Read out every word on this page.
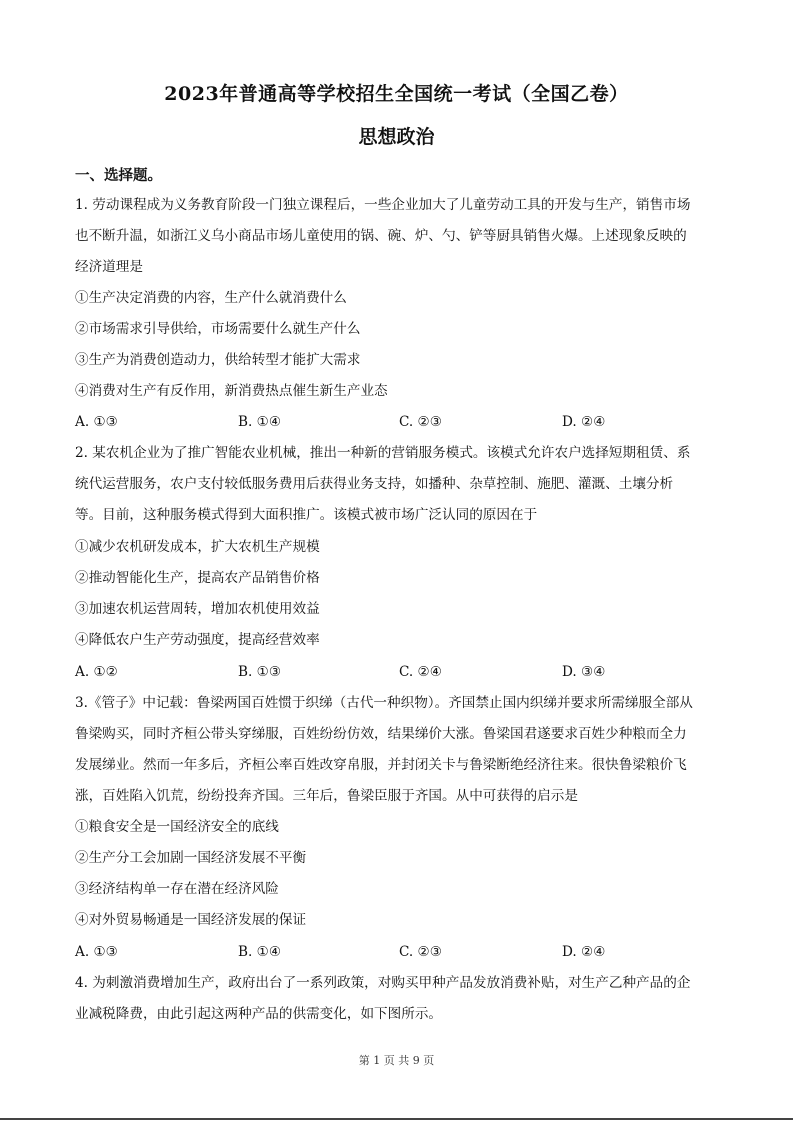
2023年普通高等学校招生全国统一考试（全国乙卷）
思想政治
一、选择题。
1. 劳动课程成为义务教育阶段一门独立课程后，一些企业加大了儿童劳动工具的开发与生产，销售市场
也不断升温，如浙江义乌小商品市场儿童使用的锅、碗、炉、勺、铲等厨具销售火爆。上述现象反映的
经济道理是
①生产决定消费的内容，生产什么就消费什么
②市场需求引导供给，市场需要什么就生产什么
③生产为消费创造动力，供给转型才能扩大需求
④消费对生产有反作用，新消费热点催生新生产业态
A. ①③	B. ①④	C. ②③	D. ②④
2. 某农机企业为了推广智能农业机械，推出一种新的营销服务模式。该模式允许农户选择短期租赁、系
统代运营服务，农户支付较低服务费用后获得业务支持，如播种、杂草控制、施肥、灌溉、土壤分析
等。目前，这种服务模式得到大面积推广。该模式被市场广泛认同的原因在于
①减少农机研发成本，扩大农机生产规模
②推动智能化生产，提高农产品销售价格
③加速农机运营周转，增加农机使用效益
④降低农户生产劳动强度，提高经营效率
A. ①②	B. ①③	C. ②④	D. ③④
3.《管子》中记载：鲁梁两国百姓惯于织绨（古代一种织物）。齐国禁止国内织绨并要求所需绨服全部从
鲁梁购买，同时齐桓公带头穿绨服，百姓纷纷仿效，结果绨价大涨。鲁梁国君遂要求百姓少种粮而全力
发展绨业。然而一年多后，齐桓公率百姓改穿帛服，并封闭关卡与鲁梁断绝经济往来。很快鲁梁粮价飞
涨，百姓陷入饥荒，纷纷投奔齐国。三年后，鲁梁臣服于齐国。从中可获得的启示是
①粮食安全是一国经济安全的底线
②生产分工会加剧一国经济发展不平衡
③经济结构单一存在潜在经济风险
④对外贸易畅通是一国经济发展的保证
A. ①③	B. ①④	C. ②③	D. ②④
4. 为刺激消费增加生产，政府出台了一系列政策，对购买甲种产品发放消费补贴，对生产乙种产品的企
业减税降费，由此引起这两种产品的供需变化，如下图所示。
第 1 页 共 9 页
